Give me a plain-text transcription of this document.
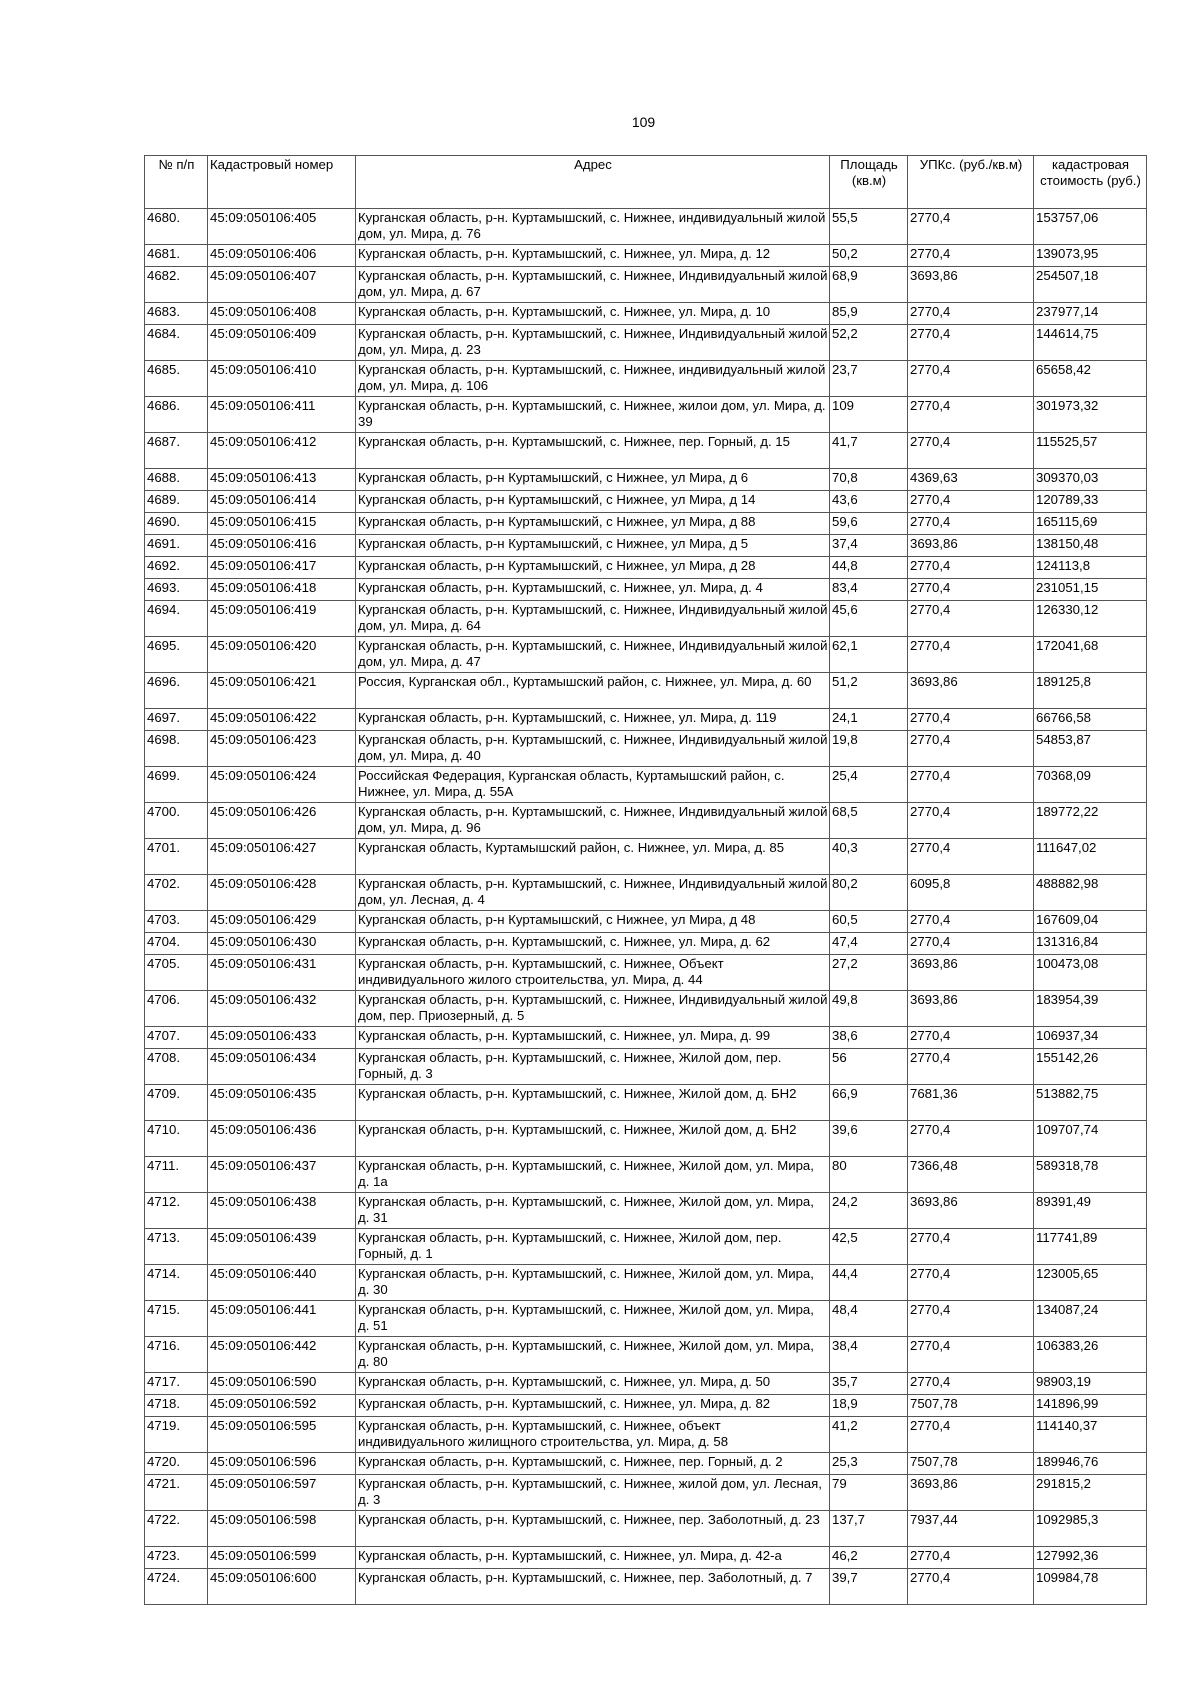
109
№ п/п	Кадастровый номер	Адрес	Площадь (кв.м)	УПКс. (руб./кв.м)	кадастровая стоимость (руб.)
4680.	45:09:050106:405	Курганская область, р-н. Куртамышский, с. Нижнее, индивидуальный жилой дом, ул. Мира, д. 76	55,5	2770,4	153757,06
4681.	45:09:050106:406	Курганская область, р-н. Куртамышский, с. Нижнее, ул. Мира, д. 12	50,2	2770,4	139073,95
4682.	45:09:050106:407	Курганская область, р-н. Куртамышский, с. Нижнее, Индивидуальный жилой дом, ул. Мира, д. 67	68,9	3693,86	254507,18
4683.	45:09:050106:408	Курганская область, р-н. Куртамышский, с. Нижнее, ул. Мира, д. 10	85,9	2770,4	237977,14
4684.	45:09:050106:409	Курганская область, р-н. Куртамышский, с. Нижнее, Индивидуальный жилой дом, ул. Мира, д. 23	52,2	2770,4	144614,75
4685.	45:09:050106:410	Курганская область, р-н. Куртамышский, с. Нижнее, индивидуальный жилой дом, ул. Мира, д. 106	23,7	2770,4	65658,42
4686.	45:09:050106:411	Курганская область, р-н. Куртамышский, с. Нижнее, жилои дом, ул. Мира, д. 39	109	2770,4	301973,32
4687.	45:09:050106:412	Курганская область, р-н. Куртамышский, с. Нижнее, пер. Горный, д. 15	41,7	2770,4	115525,57
4688.	45:09:050106:413	Курганская область, р-н Куртамышский, с Нижнее, ул Мира, д 6	70,8	4369,63	309370,03
4689.	45:09:050106:414	Курганская область, р-н Куртамышский, с Нижнее, ул Мира, д 14	43,6	2770,4	120789,33
4690.	45:09:050106:415	Курганская область, р-н Куртамышский, с Нижнее, ул Мира, д 88	59,6	2770,4	165115,69
4691.	45:09:050106:416	Курганская область, р-н Куртамышский, с Нижнее, ул Мира, д 5	37,4	3693,86	138150,48
4692.	45:09:050106:417	Курганская область, р-н Куртамышский, с Нижнее, ул Мира, д 28	44,8	2770,4	124113,8
4693.	45:09:050106:418	Курганская область, р-н. Куртамышский, с. Нижнее, ул. Мира, д. 4	83,4	2770,4	231051,15
4694.	45:09:050106:419	Курганская область, р-н. Куртамышский, с. Нижнее, Индивидуальный жилой дом, ул. Мира, д. 64	45,6	2770,4	126330,12
4695.	45:09:050106:420	Курганская область, р-н. Куртамышский, с. Нижнее, Индивидуальный жилой дом, ул. Мира, д. 47	62,1	2770,4	172041,68
4696.	45:09:050106:421	Россия, Курганская обл., Куртамышский район, с. Нижнее, ул. Мира, д. 60	51,2	3693,86	189125,8
4697.	45:09:050106:422	Курганская область, р-н. Куртамышский, с. Нижнее, ул. Мира, д. 119	24,1	2770,4	66766,58
4698.	45:09:050106:423	Курганская область, р-н. Куртамышский, с. Нижнее, Индивидуальный жилой дом, ул. Мира, д. 40	19,8	2770,4	54853,87
4699.	45:09:050106:424	Российская Федерация, Курганская область, Куртамышский район, с. Нижнее, ул. Мира, д. 55А	25,4	2770,4	70368,09
4700.	45:09:050106:426	Курганская область, р-н. Куртамышский, с. Нижнее, Индивидуальный жилой дом, ул. Мира, д. 96	68,5	2770,4	189772,22
4701.	45:09:050106:427	Курганская область, Куртамышский район, с. Нижнее, ул. Мира, д. 85	40,3	2770,4	111647,02
4702.	45:09:050106:428	Курганская область, р-н. Куртамышский, с. Нижнее, Индивидуальный жилой дом, ул. Лесная, д. 4	80,2	6095,8	488882,98
4703.	45:09:050106:429	Курганская область, р-н Куртамышский, с Нижнее, ул Мира, д 48	60,5	2770,4	167609,04
4704.	45:09:050106:430	Курганская область, р-н. Куртамышский, с. Нижнее, ул. Мира, д. 62	47,4	2770,4	131316,84
4705.	45:09:050106:431	Курганская область, р-н. Куртамышский, с. Нижнее, Объект индивидуального жилого строительства, ул. Мира, д. 44	27,2	3693,86	100473,08
4706.	45:09:050106:432	Курганская область, р-н. Куртамышский, с. Нижнее, Индивидуальный жилой дом, пер. Приозерный, д. 5	49,8	3693,86	183954,39
4707.	45:09:050106:433	Курганская область, р-н. Куртамышский, с. Нижнее, ул. Мира, д. 99	38,6	2770,4	106937,34
4708.	45:09:050106:434	Курганская область, р-н. Куртамышский, с. Нижнее, Жилой дом, пер. Горный, д. 3	56	2770,4	155142,26
4709.	45:09:050106:435	Курганская область, р-н. Куртамышский, с. Нижнее, Жилой дом, д. БН2	66,9	7681,36	513882,75
4710.	45:09:050106:436	Курганская область, р-н. Куртамышский, с. Нижнее, Жилой дом, д. БН2	39,6	2770,4	109707,74
4711.	45:09:050106:437	Курганская область, р-н. Куртамышский, с. Нижнее, Жилой дом, ул. Мира, д. 1а	80	7366,48	589318,78
4712.	45:09:050106:438	Курганская область, р-н. Куртамышский, с. Нижнее, Жилой дом, ул. Мира, д. 31	24,2	3693,86	89391,49
4713.	45:09:050106:439	Курганская область, р-н. Куртамышский, с. Нижнее, Жилой дом, пер. Горный, д. 1	42,5	2770,4	117741,89
4714.	45:09:050106:440	Курганская область, р-н. Куртамышский, с. Нижнее, Жилой дом, ул. Мира, д. 30	44,4	2770,4	123005,65
4715.	45:09:050106:441	Курганская область, р-н. Куртамышский, с. Нижнее, Жилой дом, ул. Мира, д. 51	48,4	2770,4	134087,24
4716.	45:09:050106:442	Курганская область, р-н. Куртамышский, с. Нижнее, Жилой дом, ул. Мира, д. 80	38,4	2770,4	106383,26
4717.	45:09:050106:590	Курганская область, р-н. Куртамышский, с. Нижнее, ул. Мира, д. 50	35,7	2770,4	98903,19
4718.	45:09:050106:592	Курганская область, р-н. Куртамышский, с. Нижнее, ул. Мира, д. 82	18,9	7507,78	141896,99
4719.	45:09:050106:595	Курганская область, р-н. Куртамышский, с. Нижнее, объект индивидуального жилищного строительства, ул. Мира, д. 58	41,2	2770,4	114140,37
4720.	45:09:050106:596	Курганская область, р-н. Куртамышский, с. Нижнее, пер. Горный, д. 2	25,3	7507,78	189946,76
4721.	45:09:050106:597	Курганская область, р-н. Куртамышский, с. Нижнее, жилой дом, ул. Лесная, д. 3	79	3693,86	291815,2
4722.	45:09:050106:598	Курганская область, р-н. Куртамышский, с. Нижнее, пер. Заболотный, д. 23	137,7	7937,44	1092985,3
4723.	45:09:050106:599	Курганская область, р-н. Куртамышский, с. Нижнее, ул. Мира, д. 42-а	46,2	2770,4	127992,36
4724.	45:09:050106:600	Курганская область, р-н. Куртамышский, с. Нижнее, пер. Заболотный, д. 7	39,7	2770,4	109984,78
